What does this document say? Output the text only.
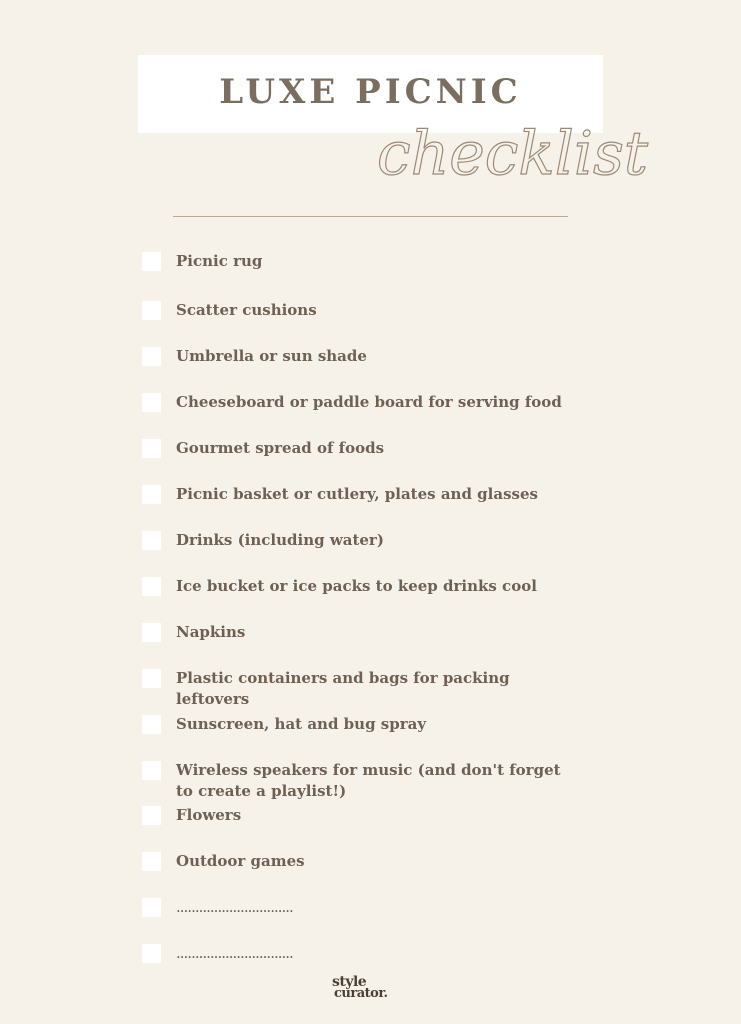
LUXE PICNIC
checklist
Picnic rug
Scatter cushions
Umbrella or sun shade
Cheeseboard or paddle board for serving food
Gourmet spread of foods
Picnic basket or cutlery, plates and glasses
Drinks (including water)
Ice bucket or ice packs to keep drinks cool
Napkins
Plastic containers and bags for packing leftovers
Sunscreen, hat and bug spray
Wireless speakers for music (and don't forget to create a playlist!)
Flowers
Outdoor games
...............................
...............................
style
curator.
